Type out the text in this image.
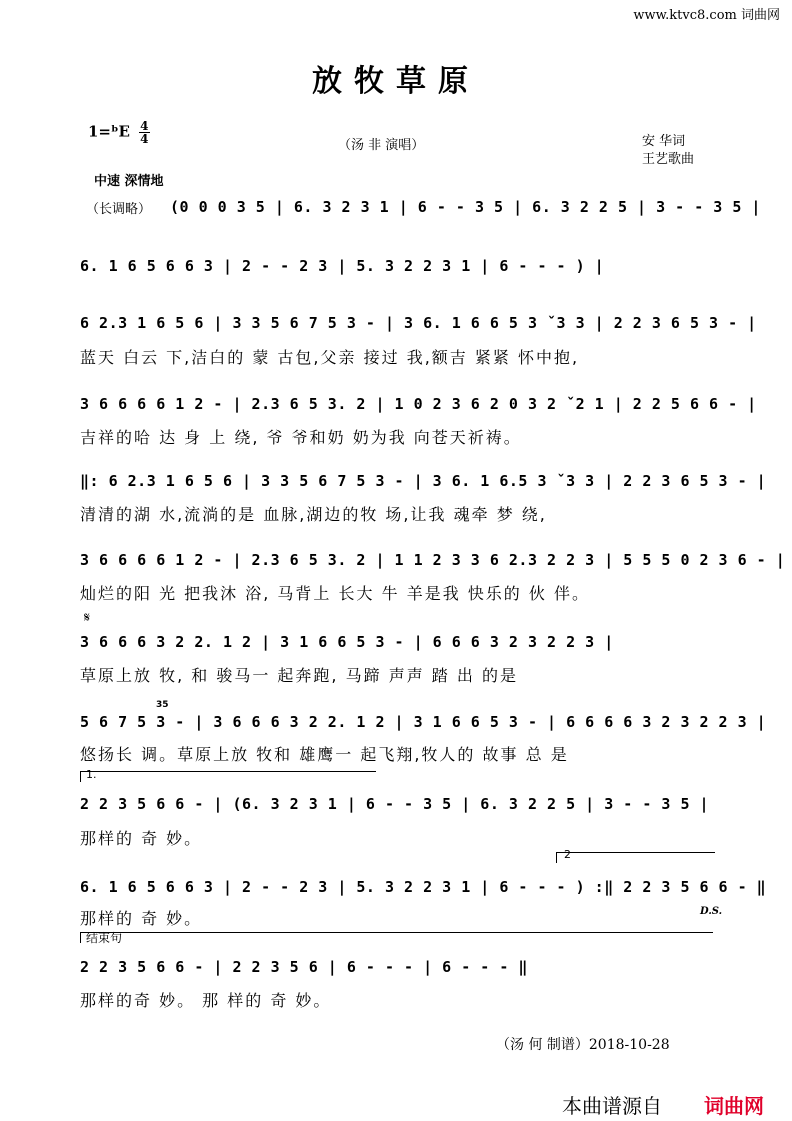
www.ktvc8.com 词曲网
放牧草原
1=ᵇE $\frac{4}{4}$
（汤 非 演唱）	安 华词
王艺歌曲
中速 深情地
（长调略） (0 0 0 3 5 | 6. 3 2 3 1 | 6 - - 3 5 | 6. 3 2 2 5 | 3 - - 3 5 |
6. 1 6 5 6 6 3 | 2 - - 2 3 | 5. 3 2 2 3 1 | 6 - - - ) |
6 2.3 1 6 5 6 | 3 3 5 6 7 5 3 - | 3 6. 1 6 6 5 3 ˇ3 3 | 2 2 3 6 5 3 - |
蓝天 白云 下,洁白的 蒙 古包,父亲 接过 我,额吉 紧紧 怀中抱,
3 6 6 6 6 1 2 - | 2.3 6 5 3. 2 | 1 0 2 3 6 2 0 3 2 ˇ2 1 | 2 2 5 6 6 - |
吉祥的哈 达 身 上 绕, 爷 爷和奶 奶为我 向苍天祈祷。
‖: 6 2.3 1 6 5 6 | 3 3 5 6 7 5 3 - | 3 6. 1 6.5 3 ˇ3 3 | 2 2 3 6 5 3 - |
清清的湖 水,流淌的是 血脉,湖边的牧 场,让我 魂牵 梦 绕,
3 6 6 6 6 1 2 - | 2.3 6 5 3. 2 | 1 1 2 3 3 6 2.3 2 2 3 | 5 5 5 0 2 3 6 - |
灿烂的阳 光 把我沐 浴, 马背上 长大 牛 羊是我 快乐的 伙 伴。
𝄋
3 6 6 6 3 2 2. 1 2 | 3 1 6 6 5 3 - | 6 6 6 3 2 3 2 2 3 |
草原上放 牧, 和 骏马一 起奔跑, 马蹄 声声 踏 出 的是
35
5 6 7 5 3 - | 3 6 6 6 3 2 2. 1 2 | 3 1 6 6 5 3 - | 6 6 6 6 3 2 3 2 2 3 |
悠扬长 调。草原上放 牧和 雄鹰一 起飞翔,牧人的 故事 总 是
1.
2 2 3 5 6 6 - | (6. 3 2 3 1 | 6 - - 3 5 | 6. 3 2 2 5 | 3 - - 3 5 |
那样的 奇 妙。
2
6. 1 6 5 6 6 3 | 2 - - 2 3 | 5. 3 2 2 3 1 | 6 - - - ) :‖ 2 2 3 5 6 6 - ‖
那样的 奇 妙。	D.S.
结束句
2 2 3 5 6 6 - | 2 2 3 5 6 | 6 - - - | 6 - - - ‖
那样的奇 妙。 那 样的 奇 妙。
（汤 何 制谱）2018-10-28
本曲谱源自 词曲网
